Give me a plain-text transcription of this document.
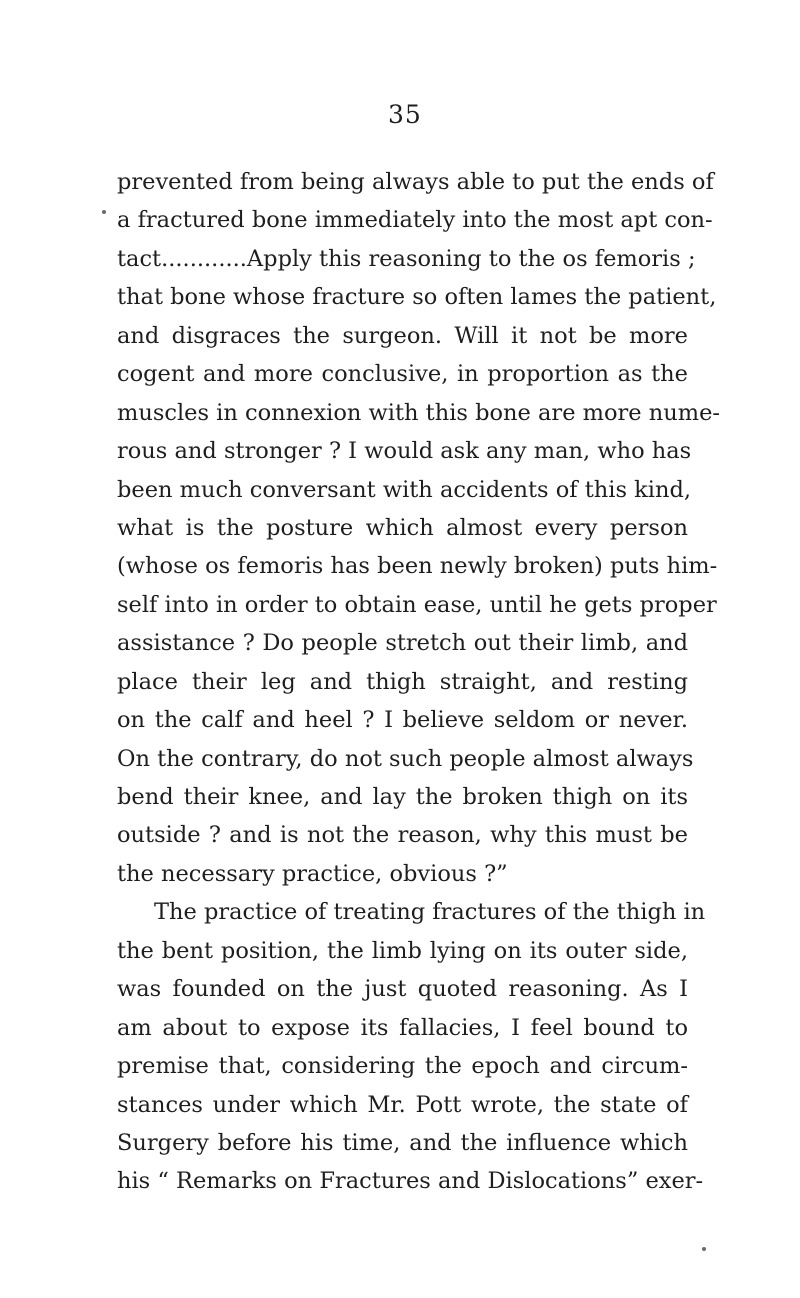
35
prevented from being always able to put the ends of
a fractured bone immediately into the most apt con-
tact............Apply this reasoning to the os femoris ;
that bone whose fracture so often lames the patient,
and disgraces the surgeon. Will it not be more
cogent and more conclusive, in proportion as the
muscles in connexion with this bone are more nume-
rous and stronger ? I would ask any man, who has
been much conversant with accidents of this kind,
what is the posture which almost every person
(whose os femoris has been newly broken) puts him-
self into in order to obtain ease, until he gets proper
assistance ? Do people stretch out their limb, and
place their leg and thigh straight, and resting
on the calf and heel ? I believe seldom or never.
On the contrary, do not such people almost always
bend their knee, and lay the broken thigh on its
outside ? and is not the reason, why this must be
the necessary practice, obvious ?”
The practice of treating fractures of the thigh in
the bent position, the limb lying on its outer side,
was founded on the just quoted reasoning. As I
am about to expose its fallacies, I feel bound to
premise that, considering the epoch and circum-
stances under which Mr. Pott wrote, the state of
Surgery before his time, and the influence which
his “ Remarks on Fractures and Dislocations” exer-
